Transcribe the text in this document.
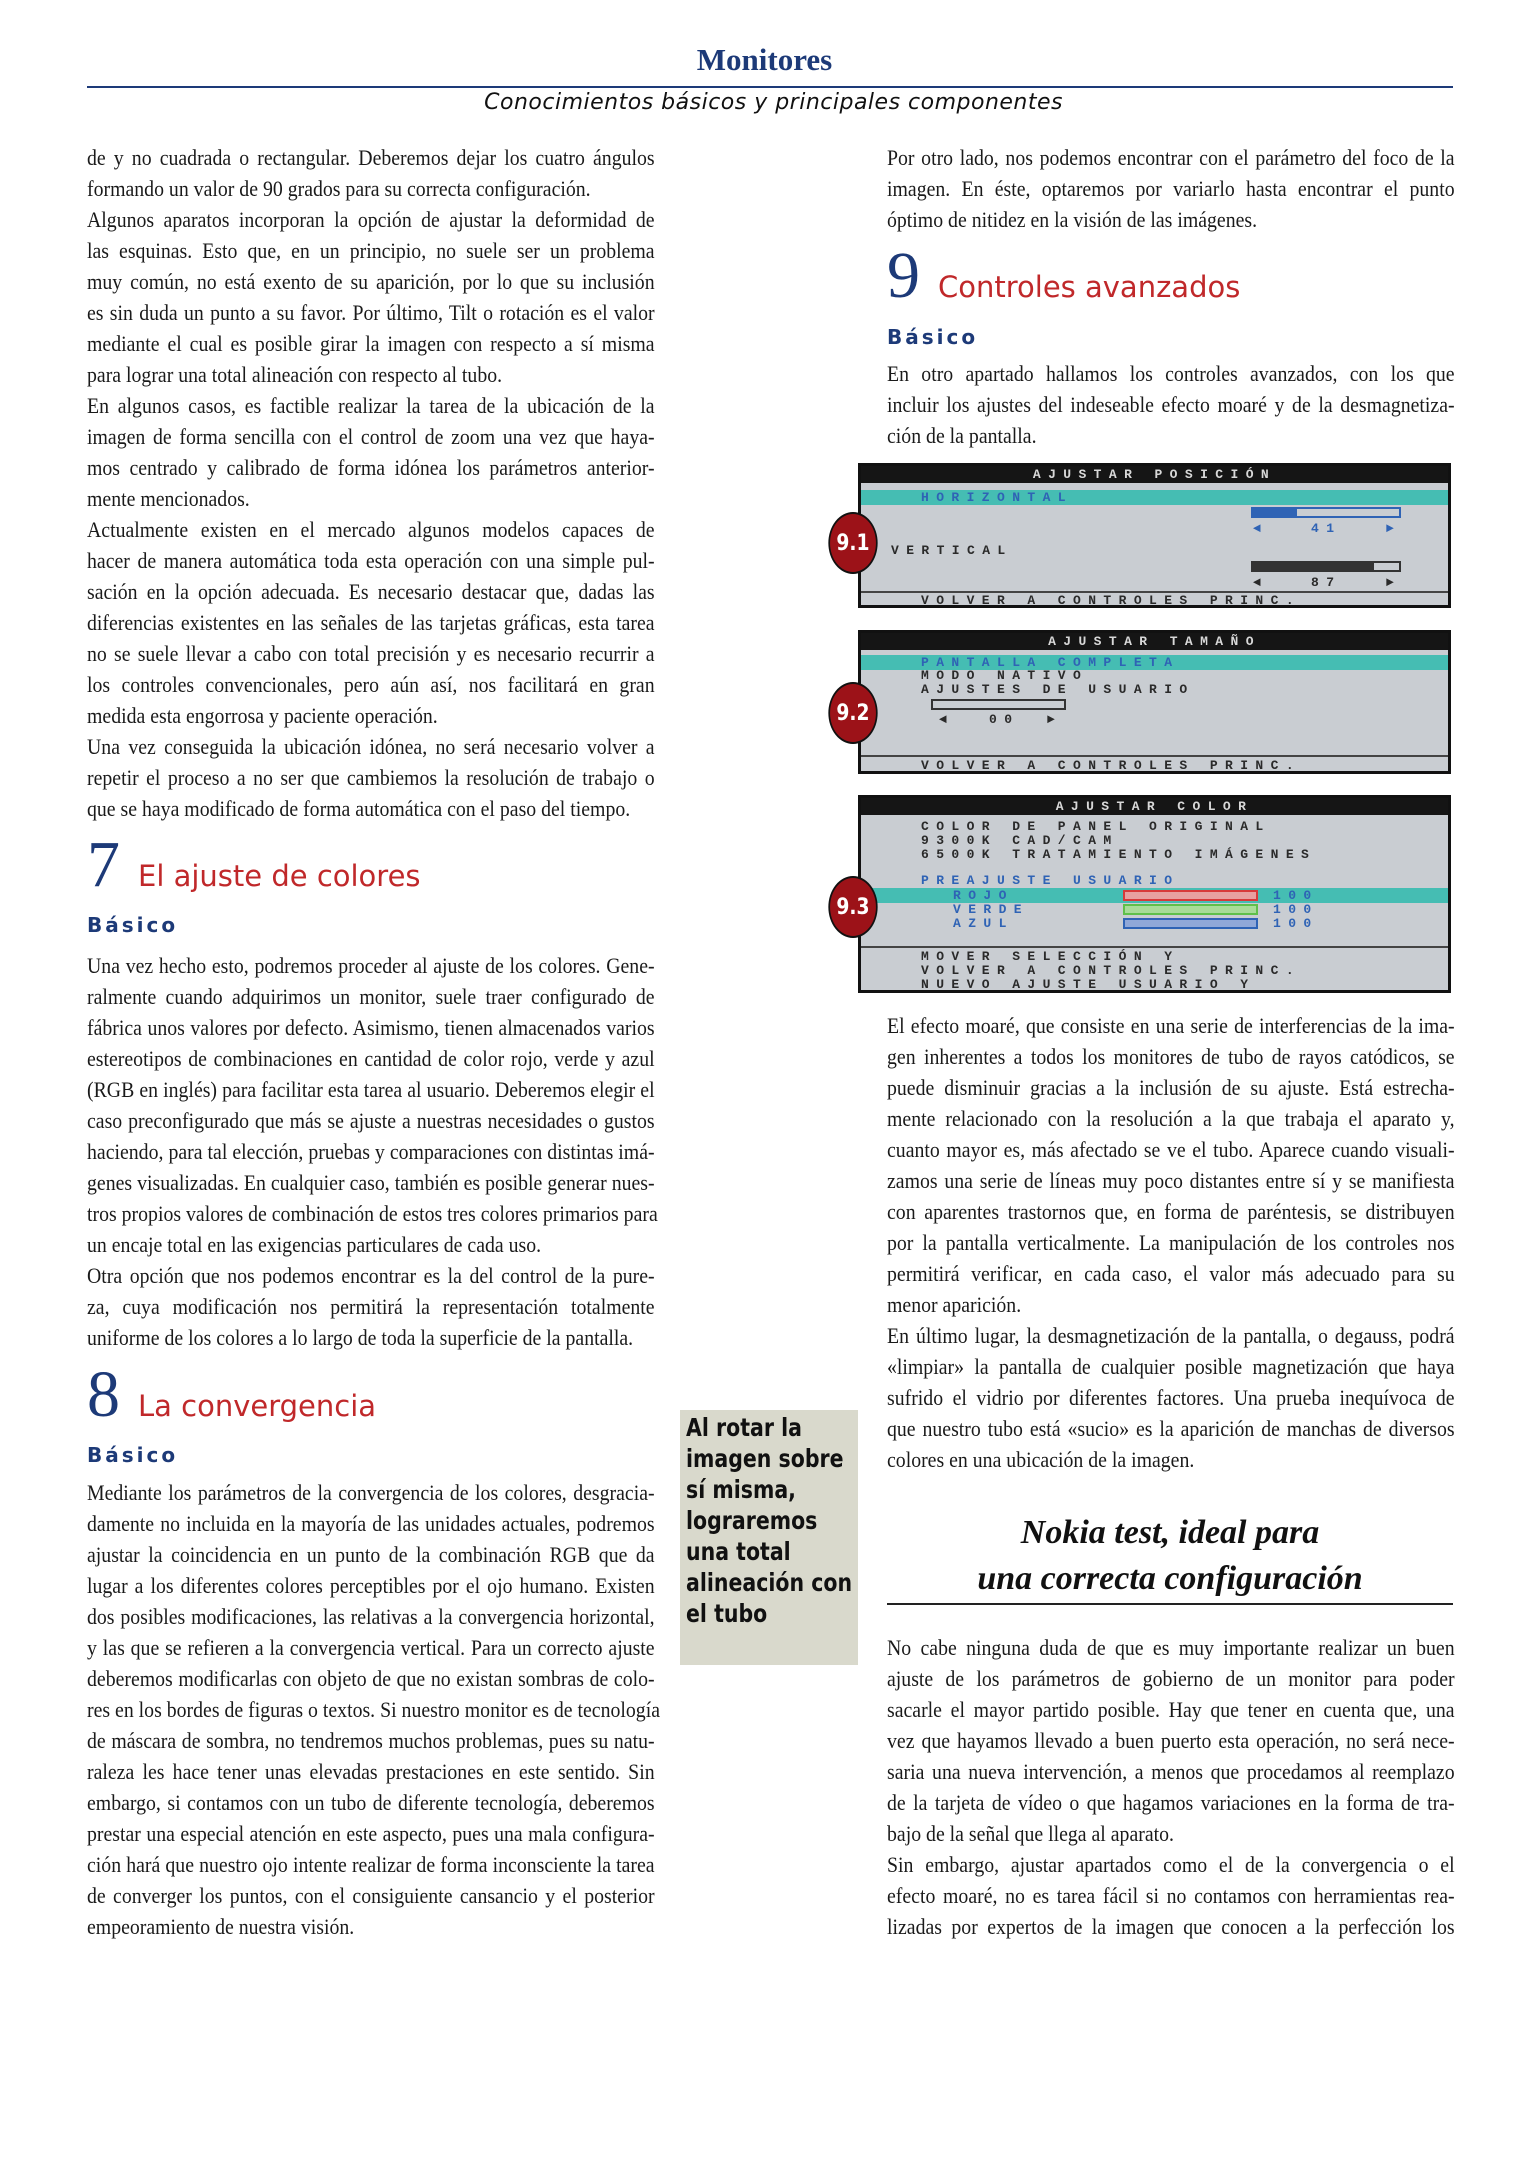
Monitores
Conocimientos básicos y principales componentes
de y no cuadrada o rectangular. Deberemos dejar los cuatro ángulos
formando un valor de 90 grados para su correcta configuración.
Algunos aparatos incorporan la opción de ajustar la deformidad de
las esquinas. Esto que, en un principio, no suele ser un problema
muy común, no está exento de su aparición, por lo que su inclusión
es sin duda un punto a su favor. Por último, Tilt o rotación es el valor
mediante el cual es posible girar la imagen con respecto a sí misma
para lograr una total alineación con respecto al tubo.
En algunos casos, es factible realizar la tarea de la ubicación de la
imagen de forma sencilla con el control de zoom una vez que haya-
mos centrado y calibrado de forma idónea los parámetros anterior-
mente mencionados.
Actualmente existen en el mercado algunos modelos capaces de
hacer de manera automática toda esta operación con una simple pul-
sación en la opción adecuada. Es necesario destacar que, dadas las
diferencias existentes en las señales de las tarjetas gráficas, esta tarea
no se suele llevar a cabo con total precisión y es necesario recurrir a
los controles convencionales, pero aún así, nos facilitará en gran
medida esta engorrosa y paciente operación.
Una vez conseguida la ubicación idónea, no será necesario volver a
repetir el proceso a no ser que cambiemos la resolución de trabajo o
que se haya modificado de forma automática con el paso del tiempo.
7 El ajuste de colores
Básico
Una vez hecho esto, podremos proceder al ajuste de los colores. Gene-
ralmente cuando adquirimos un monitor, suele traer configurado de
fábrica unos valores por defecto. Asimismo, tienen almacenados varios
estereotipos de combinaciones en cantidad de color rojo, verde y azul
(RGB en inglés) para facilitar esta tarea al usuario. Deberemos elegir el
caso preconfigurado que más se ajuste a nuestras necesidades o gustos
haciendo, para tal elección, pruebas y comparaciones con distintas imá-
genes visualizadas. En cualquier caso, también es posible generar nues-
tros propios valores de combinación de estos tres colores primarios para
un encaje total en las exigencias particulares de cada uso.
Otra opción que nos podemos encontrar es la del control de la pure-
za, cuya modificación nos permitirá la representación totalmente
uniforme de los colores a lo largo de toda la superficie de la pantalla.
8 La convergencia
Básico
Mediante los parámetros de la convergencia de los colores, desgracia-
damente no incluida en la mayoría de las unidades actuales, podremos
ajustar la coincidencia en un punto de la combinación RGB que da
lugar a los diferentes colores perceptibles por el ojo humano. Existen
dos posibles modificaciones, las relativas a la convergencia horizontal,
y las que se refieren a la convergencia vertical. Para un correcto ajuste
deberemos modificarlas con objeto de que no existan sombras de colo-
res en los bordes de figuras o textos. Si nuestro monitor es de tecnología
de máscara de sombra, no tendremos muchos problemas, pues su natu-
raleza les hace tener unas elevadas prestaciones en este sentido. Sin
embargo, si contamos con un tubo de diferente tecnología, deberemos
prestar una especial atención en este aspecto, pues una mala configura-
ción hará que nuestro ojo intente realizar de forma inconsciente la tarea
de converger los puntos, con el consiguiente cansancio y el posterior
empeoramiento de nuestra visión.
Al rotar la
imagen sobre
sí misma,
lograremos
una total
alineación con
el tubo
Por otro lado, nos podemos encontrar con el parámetro del foco de la
imagen. En éste, optaremos por variarlo hasta encontrar el punto
óptimo de nitidez en la visión de las imágenes.
9 Controles avanzados
Básico
En otro apartado hallamos los controles avanzados, con los que
incluir los ajustes del indeseable efecto moaré y de la desmagnetiza-
ción de la pantalla.
AJUSTAR POSICIÓN
HORIZONTAL
◄	41	►
VERTICAL
◄	87	►
VOLVER A CONTROLES PRINC.
9.1
AJUSTAR TAMAÑO
PANTALLA COMPLETA
MODO NATIVO
AJUSTES DE USUARIO
◄	00 ►
VOLVER A CONTROLES PRINC.
9.2
AJUSTAR COLOR
COLOR DE PANEL ORIGINAL
9300K CAD/CAM
6500K TRATAMIENTO IMÁGENES
PREAJUSTE USUARIO
ROJO	100
VERDE	100
AZUL	100
MOVER SELECCIÓN Y
VOLVER A CONTROLES PRINC.
NUEVO AJUSTE USUARIO Y
9.3
El efecto moaré, que consiste en una serie de interferencias de la ima-
gen inherentes a todos los monitores de tubo de rayos catódicos, se
puede disminuir gracias a la inclusión de su ajuste. Está estrecha-
mente relacionado con la resolución a la que trabaja el aparato y,
cuanto mayor es, más afectado se ve el tubo. Aparece cuando visuali-
zamos una serie de líneas muy poco distantes entre sí y se manifiesta
con aparentes trastornos que, en forma de paréntesis, se distribuyen
por la pantalla verticalmente. La manipulación de los controles nos
permitirá verificar, en cada caso, el valor más adecuado para su
menor aparición.
En último lugar, la desmagnetización de la pantalla, o degauss, podrá
«limpiar» la pantalla de cualquier posible magnetización que haya
sufrido el vidrio por diferentes factores. Una prueba inequívoca de
que nuestro tubo está «sucio» es la aparición de manchas de diversos
colores en una ubicación de la imagen.
Nokia test, ideal para
una correcta configuración
No cabe ninguna duda de que es muy importante realizar un buen
ajuste de los parámetros de gobierno de un monitor para poder
sacarle el mayor partido posible. Hay que tener en cuenta que, una
vez que hayamos llevado a buen puerto esta operación, no será nece-
saria una nueva intervención, a menos que procedamos al reemplazo
de la tarjeta de vídeo o que hagamos variaciones en la forma de tra-
bajo de la señal que llega al aparato.
Sin embargo, ajustar apartados como el de la convergencia o el
efecto moaré, no es tarea fácil si no contamos con herramientas rea-
lizadas por expertos de la imagen que conocen a la perfección los
